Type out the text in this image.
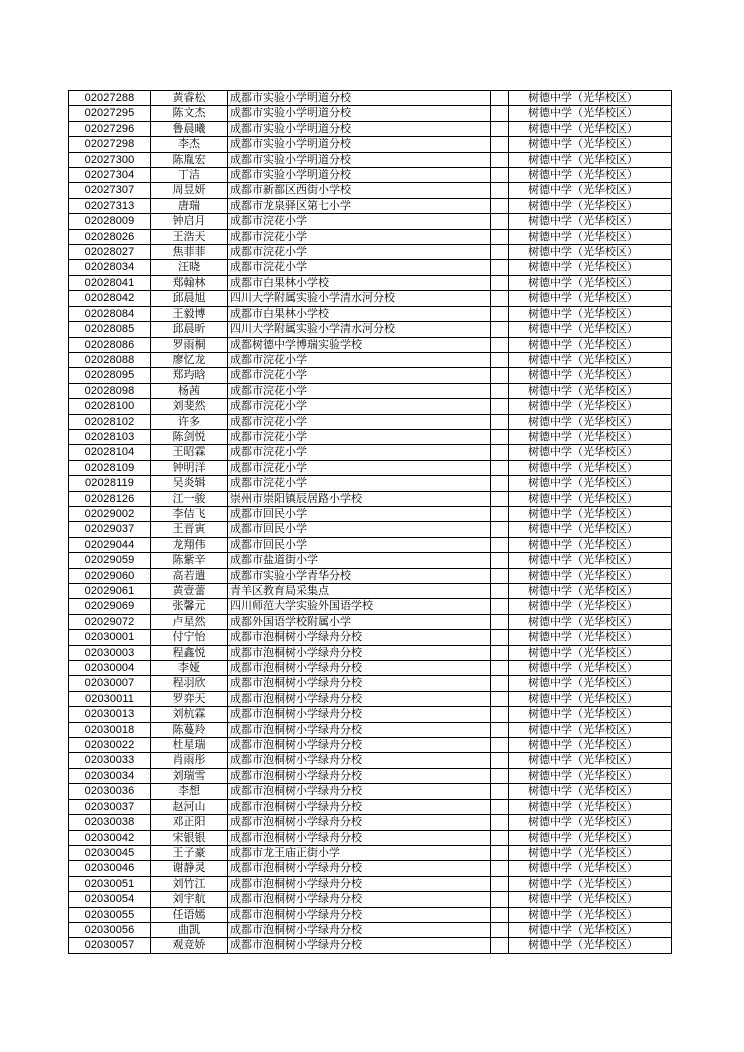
02027288	黄睿松	成都市实验小学明道分校		树德中学（光华校区）
02027295	陈文杰	成都市实验小学明道分校		树德中学（光华校区）
02027296	鲁晨曦	成都市实验小学明道分校		树德中学（光华校区）
02027298	李杰	成都市实验小学明道分校		树德中学（光华校区）
02027300	陈胤宏	成都市实验小学明道分校		树德中学（光华校区）
02027304	丁洁	成都市实验小学明道分校		树德中学（光华校区）
02027307	周昱妍	成都市新都区西街小学校		树德中学（光华校区）
02027313	唐瑞	成都市龙泉驿区第七小学		树德中学（光华校区）
02028009	钟启月	成都市浣花小学		树德中学（光华校区）
02028026	王浩天	成都市浣花小学		树德中学（光华校区）
02028027	焦菲菲	成都市浣花小学		树德中学（光华校区）
02028034	汪晓	成都市浣花小学		树德中学（光华校区）
02028041	郑翰林	成都市白果林小学校		树德中学（光华校区）
02028042	邱晨旭	四川大学附属实验小学清水河分校		树德中学（光华校区）
02028084	王毅博	成都市白果林小学校		树德中学（光华校区）
02028085	邱晨昕	四川大学附属实验小学清水河分校		树德中学（光华校区）
02028086	罗雨桐	成都树德中学博瑞实验学校		树德中学（光华校区）
02028088	廖忆龙	成都市浣花小学		树德中学（光华校区）
02028095	郑玙晗	成都市浣花小学		树德中学（光华校区）
02028098	杨茜	成都市浣花小学		树德中学（光华校区）
02028100	刘斐然	成都市浣花小学		树德中学（光华校区）
02028102	许多	成都市浣花小学		树德中学（光华校区）
02028103	陈剑悦	成都市浣花小学		树德中学（光华校区）
02028104	王昭霖	成都市浣花小学		树德中学（光华校区）
02028109	钟明洋	成都市浣花小学		树德中学（光华校区）
02028119	吴炎辑	成都市浣花小学		树德中学（光华校区）
02028126	江一骏	崇州市崇阳镇辰居路小学校		树德中学（光华校区）
02029002	李佶飞	成都市回民小学		树德中学（光华校区）
02029037	王晋寅	成都市回民小学		树德中学（光华校区）
02029044	龙翔伟	成都市回民小学		树德中学（光华校区）
02029059	陈紫辛	成都市盐道街小学		树德中学（光华校区）
02029060	高若遣	成都市实验小学青华分校		树德中学（光华校区）
02029061	黄壹蕾	青羊区教育局采集点		树德中学（光华校区）
02029069	张馨元	四川师范大学实验外国语学校		树德中学（光华校区）
02029072	卢星然	成都外国语学校附属小学		树德中学（光华校区）
02030001	付宁怡	成都市泡桐树小学绿舟分校		树德中学（光华校区）
02030003	程鑫悦	成都市泡桐树小学绿舟分校		树德中学（光华校区）
02030004	李娅	成都市泡桐树小学绿舟分校		树德中学（光华校区）
02030007	程羽欣	成都市泡桐树小学绿舟分校		树德中学（光华校区）
02030011	罗弈天	成都市泡桐树小学绿舟分校		树德中学（光华校区）
02030013	刘杭霖	成都市泡桐树小学绿舟分校		树德中学（光华校区）
02030018	陈蔓羚	成都市泡桐树小学绿舟分校		树德中学（光华校区）
02030022	杜星瑞	成都市泡桐树小学绿舟分校		树德中学（光华校区）
02030033	肖雨彤	成都市泡桐树小学绿舟分校		树德中学（光华校区）
02030034	刘瑞雪	成都市泡桐树小学绿舟分校		树德中学（光华校区）
02030036	李想	成都市泡桐树小学绿舟分校		树德中学（光华校区）
02030037	赵河山	成都市泡桐树小学绿舟分校		树德中学（光华校区）
02030038	邓正阳	成都市泡桐树小学绿舟分校		树德中学（光华校区）
02030042	宋银银	成都市泡桐树小学绿舟分校		树德中学（光华校区）
02030045	王子豪	成都市龙王庙正街小学		树德中学（光华校区）
02030046	谢静灵	成都市泡桐树小学绿舟分校		树德中学（光华校区）
02030051	刘竹江	成都市泡桐树小学绿舟分校		树德中学（光华校区）
02030054	刘宇航	成都市泡桐树小学绿舟分校		树德中学（光华校区）
02030055	任语嫣	成都市泡桐树小学绿舟分校		树德中学（光华校区）
02030056	曲凯	成都市泡桐树小学绿舟分校		树德中学（光华校区）
02030057	观竞娇	成都市泡桐树小学绿舟分校		树德中学（光华校区）
